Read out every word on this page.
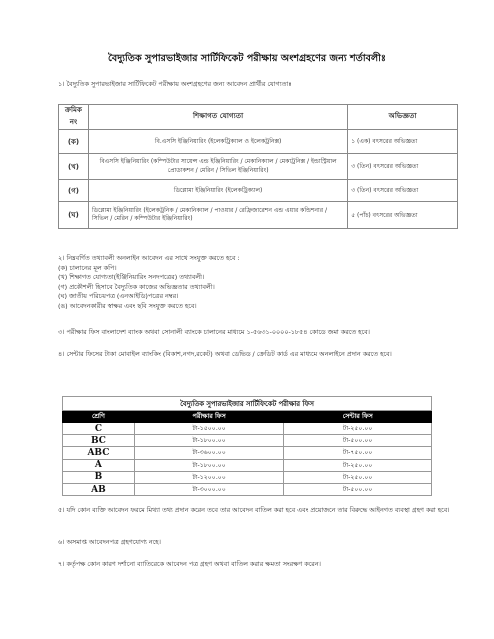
বৈদ্যুতিক সুপারভাইজার সার্টিফিকেট পরীক্ষায় অংশগ্রহণের জন্য শর্তাবলীঃ
১। বৈদ্যুতিক সুপারভাইজার সার্টিফিকেট পরীক্ষায় অংশগ্রহণের জন্য আবেদন প্রার্থীর যোগ্যতাঃ
ক্রমিক নং	শিক্ষাগত যোগ্যতা	অভিজ্ঞতা
(ক)	বি.এসসি ইঞ্জিনিয়ারিং (ইলেকট্রিক্যাল ও ইলেকট্রনিক্স)	১ (এক) বৎসরের অভিজ্ঞতা
(খ)	বিএসসি ইঞ্জিনিয়ারিং (কম্পিউটার সায়েন্স এন্ড ইঞ্জিনিয়ারিং / মেকানিক্যাল / মেকাট্রনিক্স / ইন্ডাস্ট্রিয়াল প্রোডাকশন / মেরিন / সিভিল ইঞ্জিনিয়ারিং)	৩ (তিন) বৎসরের অভিজ্ঞতা
(গ)	ডিপ্লোমা ইঞ্জিনিয়ারিং (ইলেকট্রিক্যাল)	৩ (তিন) বৎসরের অভিজ্ঞতা
(ঘ)	ডিপ্লোমা ইঞ্জিনিয়ারিং (ইলেকট্রনিক / মেকানিক্যাল / পাওয়ার / রেফ্রিজারেশন এন্ড এয়ার কন্ডিশনার / সিভিল / মেরিন / কম্পিউটার ইঞ্জিনিয়ারিং)	৫ (পাঁচ) বৎসরের অভিজ্ঞতা
২। নিম্নবর্ণিত তথ্যাবলী অনলাইন আবেদন এর সাথে সংযুক্ত করতে হবে :
(ক) চালানের মূল কপি।
(খ) শিক্ষাগত যোগ্যতা(ইঞ্জিনিয়ারিং সনদপত্রের) তথ্যাবলী।
(গ) প্রকৌশলী হিসাবে বৈদ্যুতিক কাজের অভিজ্ঞতার তথ্যাবলী।
(ঘ) জাতীয় পরিচয়পত্র (এনআইডি)পত্রের নম্বর।
(ঙ) আবেদনকারীর স্বাক্ষর এবং ছবি সংযুক্ত করতে হবে।
৩। পরীক্ষার ফিস বাংলাদেশ ব্যাংক অথবা সোনালী ব্যাংকে চালানের মাধ্যমে ১-৫৬৩১-০০০০-১৮৫৪ কোডে জমা করতে হবে।
৪। সেন্টার ফিসের টাকা মোবাইল ব্যাংকিং (বিকাশ,নগদ,রকেট) অথবা ডেভিড / ক্রেডিট কার্ড এর মাধ্যমে অনলাইনে প্রদান করতে হবে।
বৈদ্যুতিক সুপারভাইজার সার্টিফিকেট পরীক্ষার ফিস		
শ্রেণি	পরীক্ষার ফিস	সেন্টার ফিস
C	টা-১৫০০.০০	টা-২৫০.০০
BC	টা-১৮০০.০০	টা-৫০০.০০
ABC	টা-৩৬০০.০০	টা-৭৫০.০০
A	টা-১৮০০.০০	টা-২৫০.০০
B	টা-১২০০.০০	টা-২৫০.০০
AB	টা-৩০০০.০০	টা-৫০০.০০
৫। যদি কোন ব্যক্তি আবেদন ফরমে মিথ্যা তথ্য প্রদান করেন তবে তার আবেদন বাতিল করা হবে এবং প্রয়োজনে তার বিরুদ্ধে আইনগত ব্যবস্থা গ্রহণ করা হবে।
৬। অসমাপ্ত আবেদনপত্র গ্রহণযোগ্য নহে।
৭। কর্তৃপক্ষ কোন কারণ দর্শানো ব্যাতিরেকে আবেদন পত্র গ্রহণ অথবা বাতিল করার ক্ষমতা সংরক্ষণ করেন।
